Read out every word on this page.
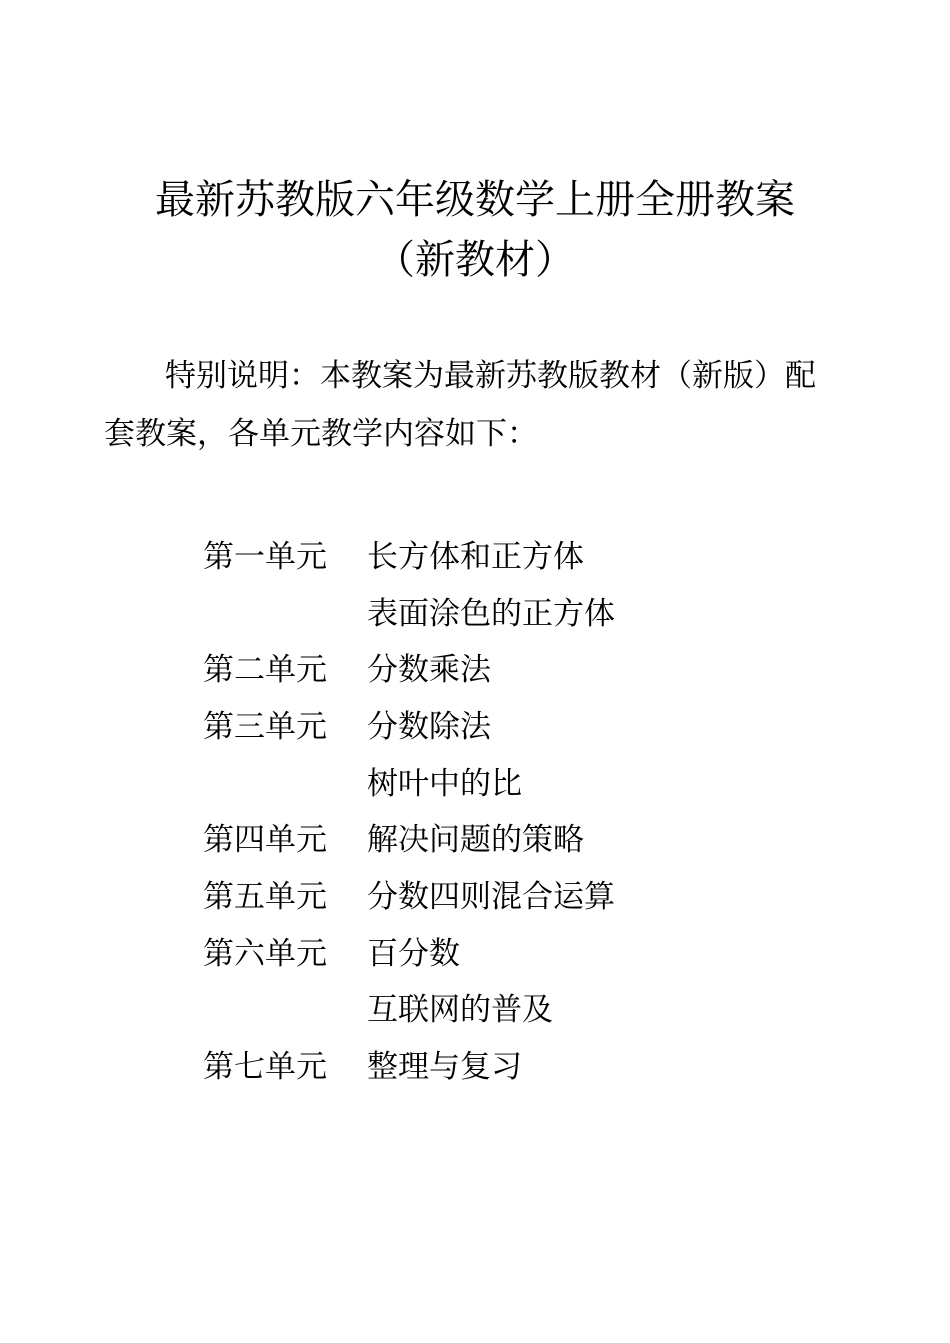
最新苏教版六年级数学上册全册教案
（新教材）
特别说明：本教案为最新苏教版教材（新版）配
套教案，各单元教学内容如下：
第一单元	长方体和正方体
表面涂色的正方体
第二单元	分数乘法
第三单元	分数除法
树叶中的比
第四单元	解决问题的策略
第五单元	分数四则混合运算
第六单元	百分数
互联网的普及
第七单元	整理与复习
